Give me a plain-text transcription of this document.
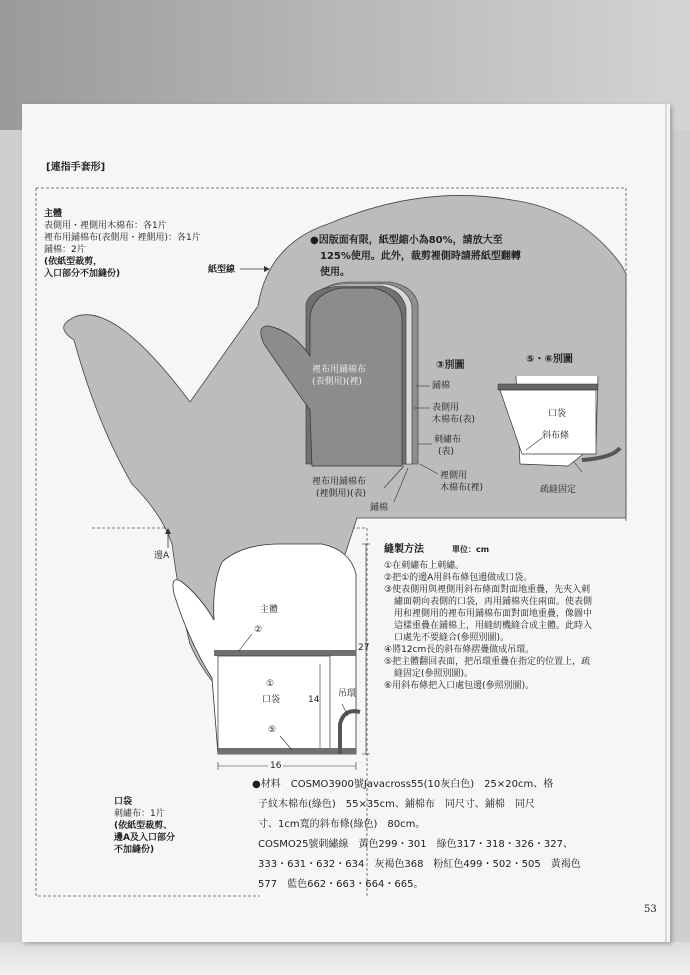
[連指手套形]
主體
表側用・裡側用木棉布：各1片
裡布用鋪棉布(表側用・裡側用)：各1片
鋪棉：2片
(依紙型裁剪，
入口部分不加縫份)	紙型線
●因版面有限，紙型縮小為80%，請放大至
125%使用。此外，裁剪裡側時請將紙型翻轉
使用。
③別圖
裡布用鋪棉布
(表側用)(裡)	鋪棉
表側用
木棉布(表)
刺繡布
(表)
裡側用
木棉布(裡)
裡布用鋪棉布
(裡側用)(表)
鋪棉
⑤・⑥別圖
口袋
斜布條
疏縫固定
邊A
主體
②
①
口袋
⑤
吊環
27
14
16
縫製方法	單位：cm
①在刺繡布上刺繡。
②把①的邊A用斜布條包邊做成口袋。
③使表側用與裡側用斜布條面對面地重疊，先夾入刺
繡面朝向表側的口袋，再用鋪棉夾住兩面。使表側
用和裡側用的裡布用鋪棉布面對面地重疊，像圖中
這樣重疊在鋪棉上，用縫紉機縫合成主體。此時入
口處先不要縫合(參照別圖)。
④將12cm長的斜布條摺疊做成吊環。
⑤把主體翻回表面，把吊環重疊在指定的位置上，疏
縫固定(參照別圖)。
⑥用斜布條把入口處包邊(參照別圖)。
口袋
刺繡布：1片
(依紙型裁剪、
邊A及入口部分
不加縫份)
●材料　COSMO3900號Javacross55(10灰白色)　25×20cm、格
子紋木棉布(綠色)　55×35cm、鋪棉布　同尺寸、鋪棉　同尺
寸、1cm寬的斜布條(綠色)　80cm。
COSMO25號刺繡線　黃色299・301　綠色317・318・326・327、
333・631・632・634　灰褐色368　粉紅色499・502・505　黃褐色
577　藍色662・663・664・665。
53
